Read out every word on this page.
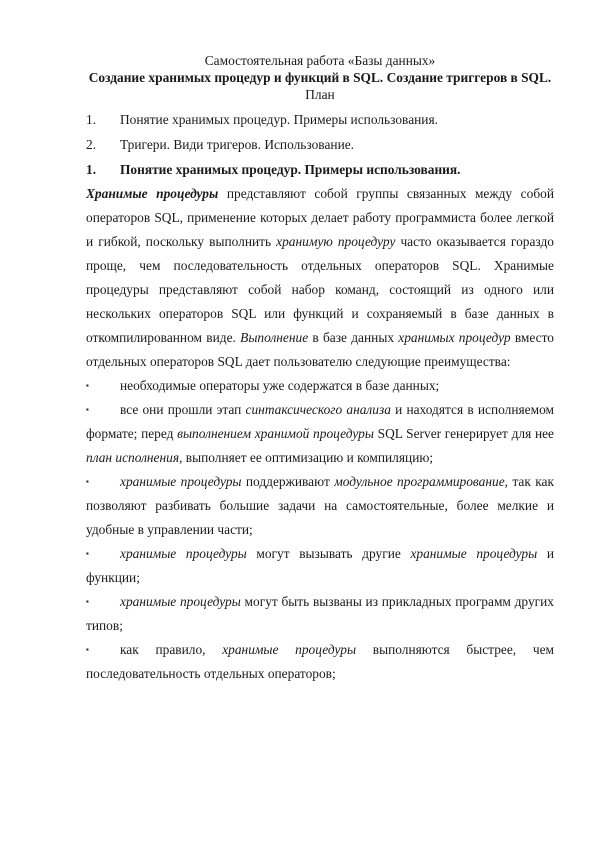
Самостоятельная работа «Базы данных»
Создание хранимых процедур и функций в SQL. Создание триггеров в SQL.
План
1. Понятие хранимых процедур. Примеры использования.
2. Тригери. Види тригеров. Использование.
1. Понятие хранимых процедур. Примеры использования.
Хранимые процедуры представляют собой группы связанных между собой операторов SQL, применение которых делает работу программиста более легкой и гибкой, поскольку выполнить хранимую процедуру часто оказывается гораздо проще, чем последовательность отдельных операторов SQL. Хранимые процедуры представляют собой набор команд, состоящий из одного или нескольких операторов SQL или функций и сохраняемый в базе данных в откомпилированном виде. Выполнение в базе данных хранимых процедур вместо отдельных операторов SQL дает пользователю следующие преимущества:
▪
необходимые операторы уже содержатся в базе данных;
▪
все они прошли этап синтаксического анализа и находятся в исполняемом формате; перед выполнением хранимой процедуры SQL Server генерирует для нее план исполнения, выполняет ее оптимизацию и компиляцию;
▪
хранимые процедуры поддерживают модульное программирование, так как позволяют разбивать большие задачи на самостоятельные, более мелкие и удобные в управлении части;
▪
хранимые процедуры могут вызывать другие хранимые процедуры и функции;
▪
хранимые процедуры могут быть вызваны из прикладных программ других типов;
▪
как правило, хранимые процедуры выполняются быстрее, чем последовательность отдельных операторов;
